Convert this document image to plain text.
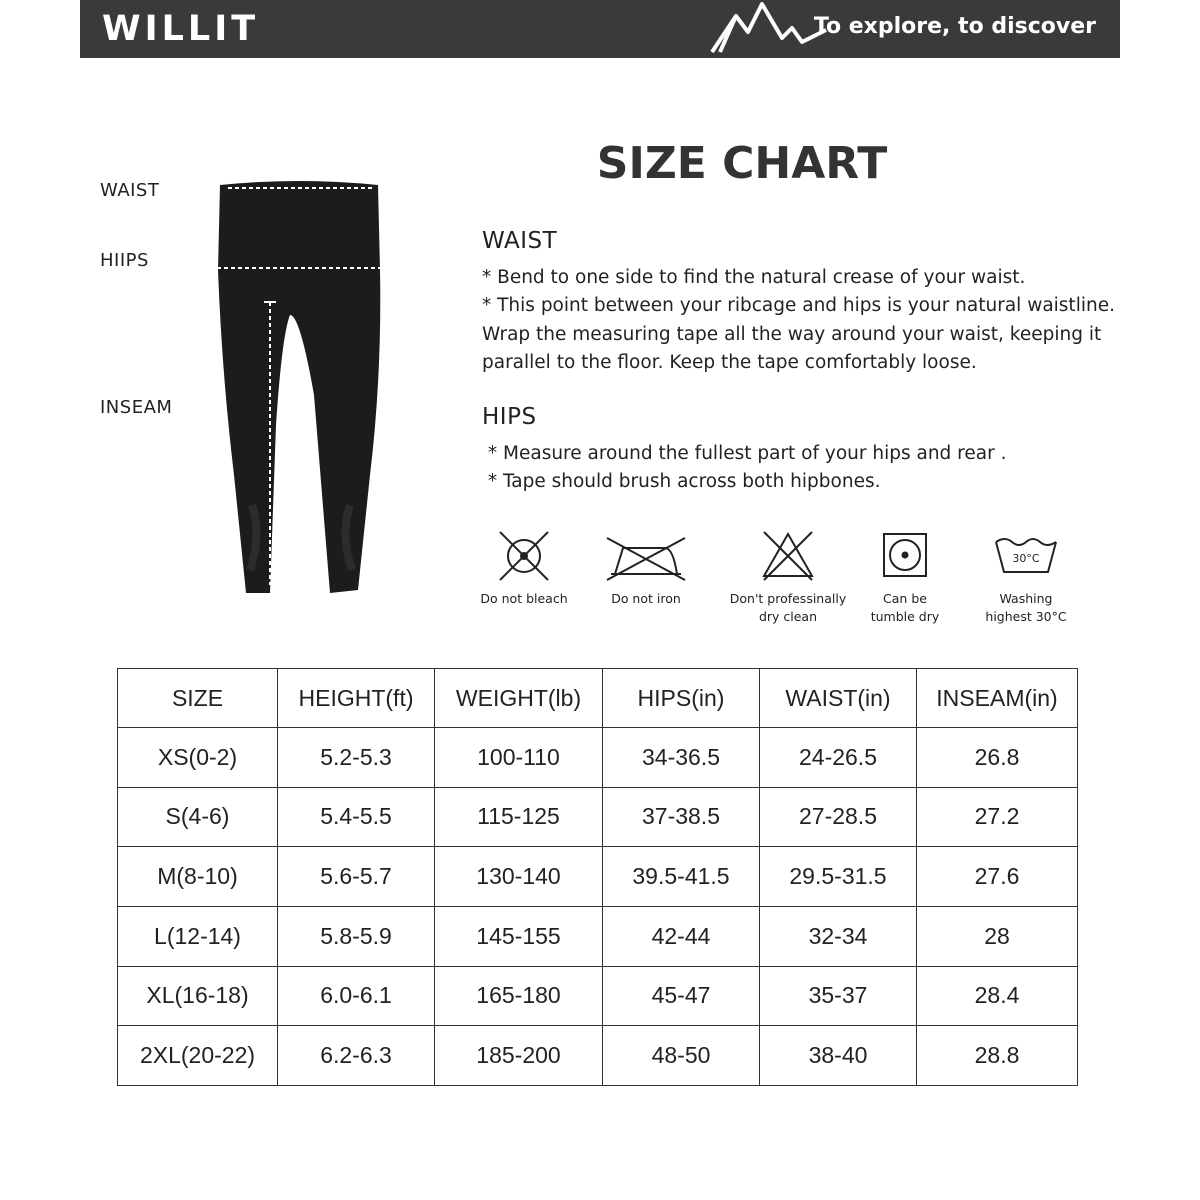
WILLIT	To explore, to discover
WAIST
HIIPS
INSEAM
SIZE CHART
WAIST
* Bend to one side to find the natural crease of your waist.
* This point between your ribcage and hips is your natural waistline.
Wrap the measuring tape all the way around your waist, keeping it
parallel to the floor. Keep the tape comfortably loose.
HIPS
* Measure around the fullest part of your hips and rear .
* Tape should brush across both hipbones.
Do not bleach	Do not iron	Don't professinally
dry clean
Can be
tumble dry
30°C
Washing
highest 30°C
SIZE	HEIGHT(ft)	WEIGHT(lb)	HIPS(in)	WAIST(in)	INSEAM(in)
XS(0-2)	5.2-5.3	100-110	34-36.5	24-26.5	26.8
S(4-6)	5.4-5.5	115-125	37-38.5	27-28.5	27.2
M(8-10)	5.6-5.7	130-140	39.5-41.5	29.5-31.5	27.6
L(12-14)	5.8-5.9	145-155	42-44	32-34	28
XL(16-18)	6.0-6.1	165-180	45-47	35-37	28.4
2XL(20-22)	6.2-6.3	185-200	48-50	38-40	28.8
